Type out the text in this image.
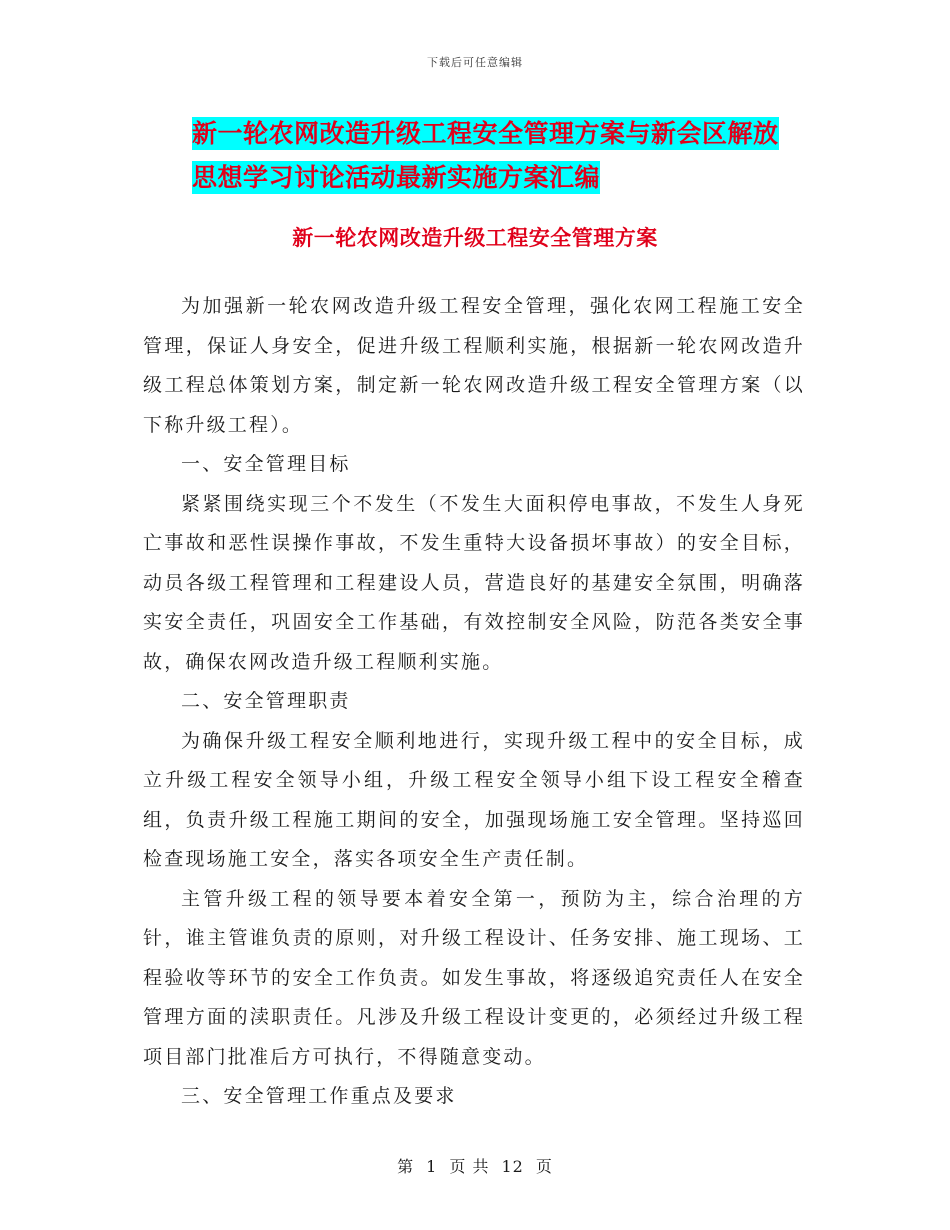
下载后可任意编辑
新一轮农网改造升级工程安全管理方案与新会区解放
思想学习讨论活动最新实施方案汇编
新一轮农网改造升级工程安全管理方案

为加强新一轮农网改造升级工程安全管理，强化农网工程施工安全管理，保证人身安全，促进升级工程顺利实施，根据新一轮农网改造升级工程总体策划方案，制定新一轮农网改造升级工程安全管理方案（以下称升级工程）。

一、安全管理目标

紧紧围绕实现三个不发生（不发生大面积停电事故，不发生人身死亡事故和恶性误操作事故，不发生重特大设备损坏事故）的安全目标，动员各级工程管理和工程建设人员，营造良好的基建安全氛围，明确落实安全责任，巩固安全工作基础，有效控制安全风险，防范各类安全事故，确保农网改造升级工程顺利实施。

二、安全管理职责

为确保升级工程安全顺利地进行，实现升级工程中的安全目标，成立升级工程安全领导小组，升级工程安全领导小组下设工程安全稽查组，负责升级工程施工期间的安全，加强现场施工安全管理。坚持巡回检查现场施工安全，落实各项安全生产责任制。

主管升级工程的领导要本着安全第一，预防为主，综合治理的方针，谁主管谁负责的原则，对升级工程设计、任务安排、施工现场、工程验收等环节的安全工作负责。如发生事故，将逐级追究责任人在安全管理方面的渎职责任。凡涉及升级工程设计变更的，必须经过升级工程项目部门批准后方可执行，不得随意变动。

三、安全管理工作重点及要求

第 1 页 共 12 页
